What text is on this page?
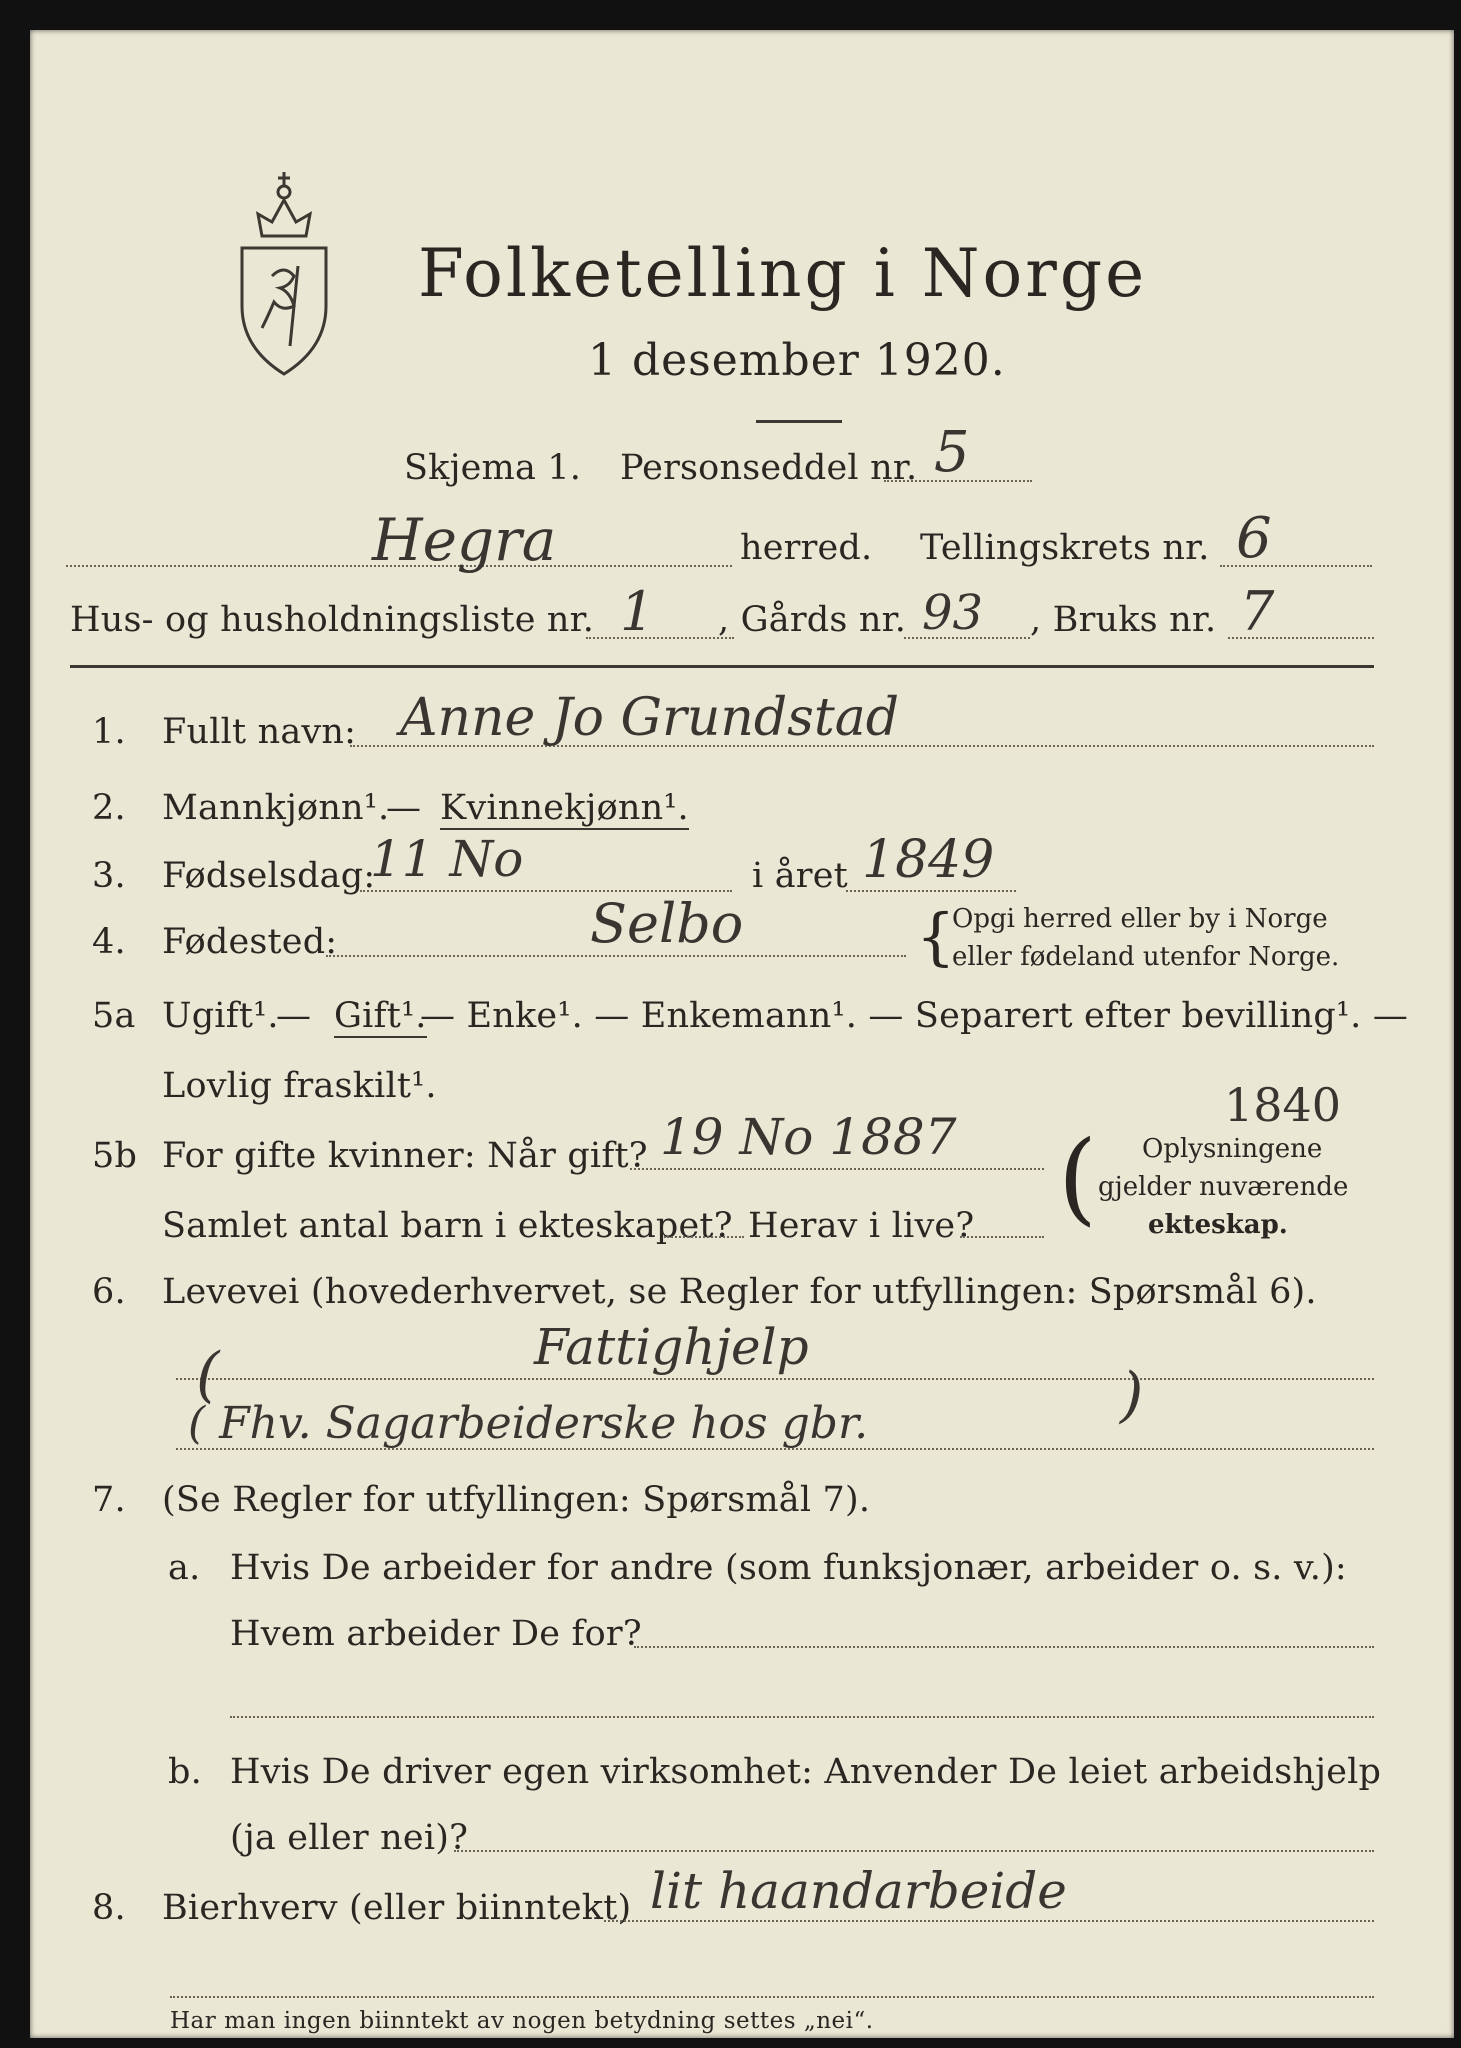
Folketelling i Norge
1 desember 1920.
Skjema 1. Personseddel nr. 5
Hegra	herred. Tellingskrets nr. 6
Hus- og husholdningsliste nr. 1 , Gårds nr. 93 , Bruks nr. 7
1. Fullt navn: Anne Jo Grundstad
2. Mannkjønn¹.
— Kvinnekjønn¹.
3. Fødselsdag:
11 No	i året 1849
4. Fødested:	Selbo	{
Opgi herred eller by i Norge
eller fødeland utenfor Norge.
5a Ugift¹.
— Gift¹.
— Enke¹. — Enkemann¹. — Separert efter bevilling¹. —
Lovlig fraskilt¹.	1840
5b For gifte kvinner: Når gift? 19 No 1887
Samlet antal barn i ekteskapet? Herav i live? ( Oplysningene
gjelder nuværende
ekteskap.
6. Levevei (hovederhvervet, se Regler for utfyllingen: Spørsmål 6).
Fattighjelp
(	)
( Fhv. Sagarbeiderske hos gbr.
7. (Se Regler for utfyllingen: Spørsmål 7).
a. Hvis De arbeider for andre (som funksjonær, arbeider o. s. v.):
Hvem arbeider De for?
b. Hvis De driver egen virksomhet: Anvender De leiet arbeidshjelp
(ja eller nei)?
8. Bierhverv (eller biinntekt) lit haandarbeide
Har man ingen biinntekt av nogen betydning settes „nei“.
